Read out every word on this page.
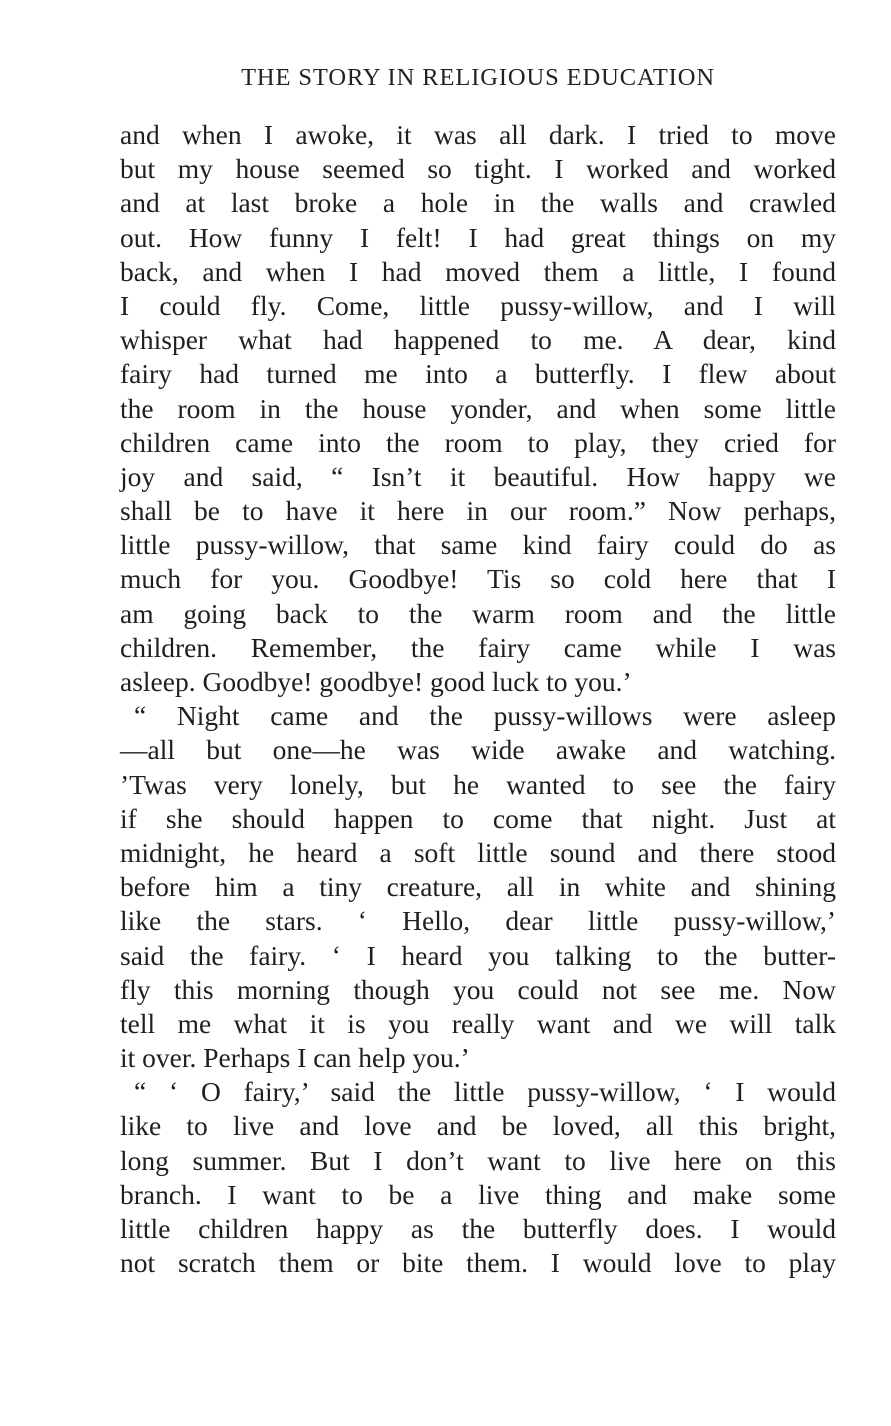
THE STORY IN RELIGIOUS EDUCATION
and when I awoke, it was all dark. I tried to move
but my house seemed so tight. I worked and worked
and at last broke a hole in the walls and crawled
out. How funny I felt! I had great things on my
back, and when I had moved them a little, I found
I could fly. Come, little pussy-willow, and I will
whisper what had happened to me. A dear, kind
fairy had turned me into a butterfly. I flew about
the room in the house yonder, and when some little
children came into the room to play, they cried for
joy and said, “ Isn’t it beautiful. How happy we
shall be to have it here in our room.” Now perhaps,
little pussy-willow, that same kind fairy could do as
much for you. Goodbye! Tis so cold here that I
am going back to the warm room and the little
children. Remember, the fairy came while I was
asleep. Goodbye! goodbye! good luck to you.’
“ Night came and the pussy-willows were asleep
—all but one—he was wide awake and watching.
’Twas very lonely, but he wanted to see the fairy
if she should happen to come that night. Just at
midnight, he heard a soft little sound and there stood
before him a tiny creature, all in white and shining
like the stars. ‘ Hello, dear little pussy-willow,’
said the fairy. ‘ I heard you talking to the butter-
fly this morning though you could not see me. Now
tell me what it is you really want and we will talk
it over. Perhaps I can help you.’
“ ‘ O fairy,’ said the little pussy-willow, ‘ I would
like to live and love and be loved, all this bright,
long summer. But I don’t want to live here on this
branch. I want to be a live thing and make some
little children happy as the butterfly does. I would
not scratch them or bite them. I would love to play
